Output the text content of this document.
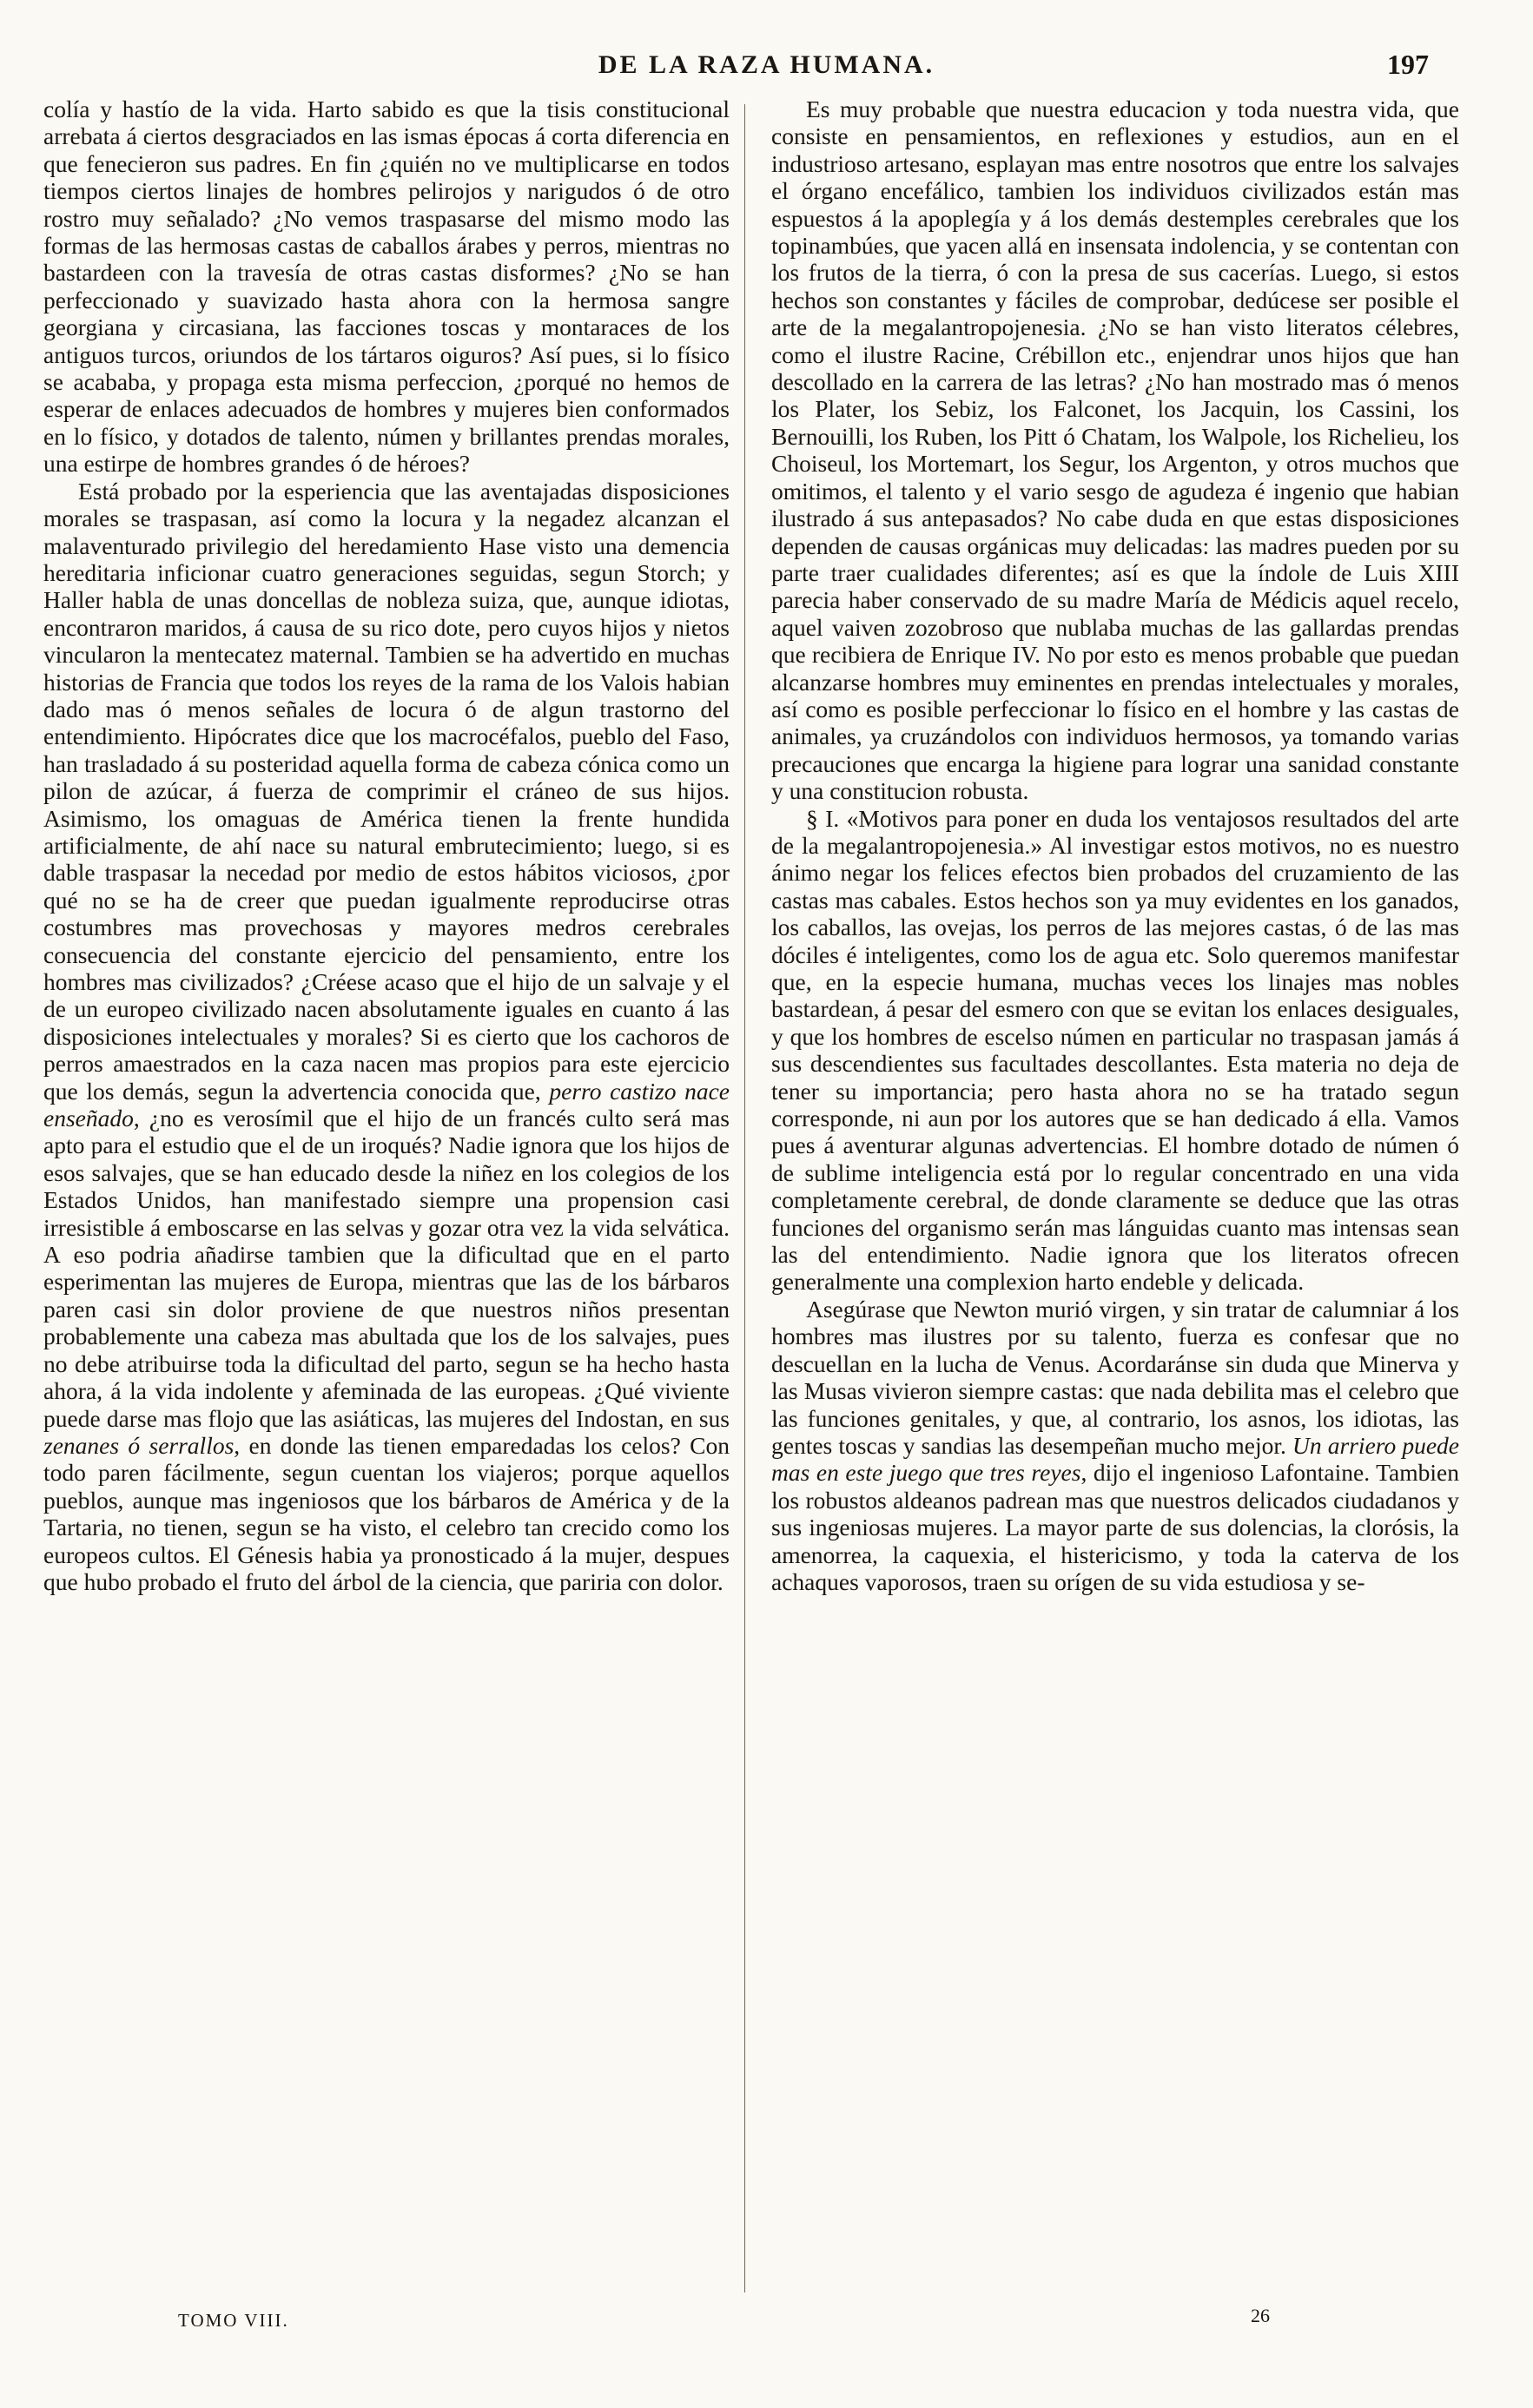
DE LA RAZA HUMANA.	197

colía y hastío de la vida. Harto sabido es que la tisis constitucional arrebata á ciertos desgraciados en las ismas épocas á corta diferencia en que fenecieron sus padres. En fin ¿quién no ve multiplicarse en todos tiempos ciertos linajes de hombres pelirojos y narigudos ó de otro rostro muy señalado? ¿No vemos traspasarse del mismo modo las formas de las hermosas castas de caballos árabes y perros, mientras no bastardeen con la travesía de otras castas disformes? ¿No se han perfeccionado y suavizado hasta ahora con la hermosa sangre georgiana y circasiana, las facciones toscas y montaraces de los antiguos turcos, oriundos de los tártaros oiguros? Así pues, si lo físico se acababa, y propaga esta misma perfeccion, ¿porqué no hemos de esperar de enlaces adecuados de hombres y mujeres bien conformados en lo físico, y dotados de talento, númen y brillantes prendas morales, una estirpe de hombres grandes ó de héroes?

Está probado por la esperiencia que las aventajadas disposiciones morales se traspasan, así como la locura y la negadez alcanzan el malaventurado privilegio del heredamiento Hase visto una demencia hereditaria inficionar cuatro generaciones seguidas, segun Storch; y Haller habla de unas doncellas de nobleza suiza, que, aunque idiotas, encontraron maridos, á causa de su rico dote, pero cuyos hijos y nietos vincularon la mentecatez maternal. Tambien se ha advertido en muchas historias de Francia que todos los reyes de la rama de los Valois habian dado mas ó menos señales de locura ó de algun trastorno del entendimiento. Hipócrates dice que los macrocéfalos, pueblo del Faso, han trasladado á su posteridad aquella forma de cabeza cónica como un pilon de azúcar, á fuerza de comprimir el cráneo de sus hijos. Asimismo, los omaguas de América tienen la frente hundida artificialmente, de ahí nace su natural embrutecimiento; luego, si es dable traspasar la necedad por medio de estos hábitos viciosos, ¿por qué no se ha de creer que puedan igualmente reproducirse otras costumbres mas provechosas y mayores medros cerebrales consecuencia del constante ejercicio del pensamiento, entre los hombres mas civilizados? ¿Créese acaso que el hijo de un salvaje y el de un europeo civilizado nacen absolutamente iguales en cuanto á las disposiciones intelectuales y morales? Si es cierto que los cachoros de perros amaestrados en la caza nacen mas propios para este ejercicio que los demás, segun la advertencia conocida que, perro castizo nace enseñado, ¿no es verosímil que el hijo de un francés culto será mas apto para el estudio que el de un iroqués? Nadie ignora que los hijos de esos salvajes, que se han educado desde la niñez en los colegios de los Estados Unidos, han manifestado siempre una propension casi irresistible á emboscarse en las selvas y gozar otra vez la vida selvática. A eso podria añadirse tambien que la dificultad que en el parto esperimentan las mujeres de Europa, mientras que las de los bárbaros paren casi sin dolor proviene de que nuestros niños presentan probablemente una cabeza mas abultada que los de los salvajes, pues no debe atribuirse toda la dificultad del parto, segun se ha hecho hasta ahora, á la vida indolente y afeminada de las europeas. ¿Qué viviente puede darse mas flojo que las asiáticas, las mujeres del Indostan, en sus zenanes ó serrallos, en donde las tienen emparedadas los celos? Con todo paren fácilmente, segun cuentan los viajeros; porque aquellos pueblos, aunque mas ingeniosos que los bárbaros de América y de la Tartaria, no tienen, segun se ha visto, el celebro tan crecido como los europeos cultos. El Génesis habia ya pronosticado á la mujer, despues que hubo probado el fruto del árbol de la ciencia, que pariria con dolor.

Es muy probable que nuestra educacion y toda nuestra vida, que consiste en pensamientos, en reflexiones y estudios, aun en el industrioso artesano, esplayan mas entre nosotros que entre los salvajes el órgano encefálico, tambien los individuos civilizados están mas espuestos á la apoplegía y á los demás destemples cerebrales que los topinambúes, que yacen allá en insensata indolencia, y se contentan con los frutos de la tierra, ó con la presa de sus cacerías. Luego, si estos hechos son constantes y fáciles de comprobar, dedúcese ser posible el arte de la megalantropojenesia. ¿No se han visto literatos célebres, como el ilustre Racine, Crébillon etc., enjendrar unos hijos que han descollado en la carrera de las letras? ¿No han mostrado mas ó menos los Plater, los Sebiz, los Falconet, los Jacquin, los Cassini, los Bernouilli, los Ruben, los Pitt ó Chatam, los Walpole, los Richelieu, los Choiseul, los Mortemart, los Segur, los Argenton, y otros muchos que omitimos, el talento y el vario sesgo de agudeza é ingenio que habian ilustrado á sus antepasados? No cabe duda en que estas disposiciones dependen de causas orgánicas muy delicadas: las madres pueden por su parte traer cualidades diferentes; así es que la índole de Luis XIII parecia haber conservado de su madre María de Médicis aquel recelo, aquel vaiven zozobroso que nublaba muchas de las gallardas prendas que recibiera de Enrique IV. No por esto es menos probable que puedan alcanzarse hombres muy eminentes en prendas intelectuales y morales, así como es posible perfeccionar lo físico en el hombre y las castas de animales, ya cruzándolos con individuos hermosos, ya tomando varias precauciones que encarga la higiene para lograr una sanidad constante y una constitucion robusta.

§ I. «Motivos para poner en duda los ventajosos resultados del arte de la megalantropojenesia.» Al investigar estos motivos, no es nuestro ánimo negar los felices efectos bien probados del cruzamiento de las castas mas cabales. Estos hechos son ya muy evidentes en los ganados, los caballos, las ovejas, los perros de las mejores castas, ó de las mas dóciles é inteligentes, como los de agua etc. Solo queremos manifestar que, en la especie humana, muchas veces los linajes mas nobles bastardean, á pesar del esmero con que se evitan los enlaces desiguales, y que los hombres de escelso númen en particular no traspasan jamás á sus descendientes sus facultades descollantes. Esta materia no deja de tener su importancia; pero hasta ahora no se ha tratado segun corresponde, ni aun por los autores que se han dedicado á ella. Vamos pues á aventurar algunas advertencias. El hombre dotado de númen ó de sublime inteligencia está por lo regular concentrado en una vida completamente cerebral, de donde claramente se deduce que las otras funciones del organismo serán mas lánguidas cuanto mas intensas sean las del entendimiento. Nadie ignora que los literatos ofrecen generalmente una complexion harto endeble y delicada.

Asegúrase que Newton murió virgen, y sin tratar de calumniar á los hombres mas ilustres por su talento, fuerza es confesar que no descuellan en la lucha de Venus. Acordaránse sin duda que Minerva y las Musas vivieron siempre castas: que nada debilita mas el celebro que las funciones genitales, y que, al contrario, los asnos, los idiotas, las gentes toscas y sandias las desempeñan mucho mejor. Un arriero puede mas en este juego que tres reyes, dijo el ingenioso Lafontaine. Tambien los robustos aldeanos padrean mas que nuestros delicados ciudadanos y sus ingeniosas mujeres. La mayor parte de sus dolencias, la clorósis, la amenorrea, la caquexia, el histericismo, y toda la caterva de los achaques vaporosos, traen su orígen de su vida estudiosa y se-

TOMO VIII.	26
